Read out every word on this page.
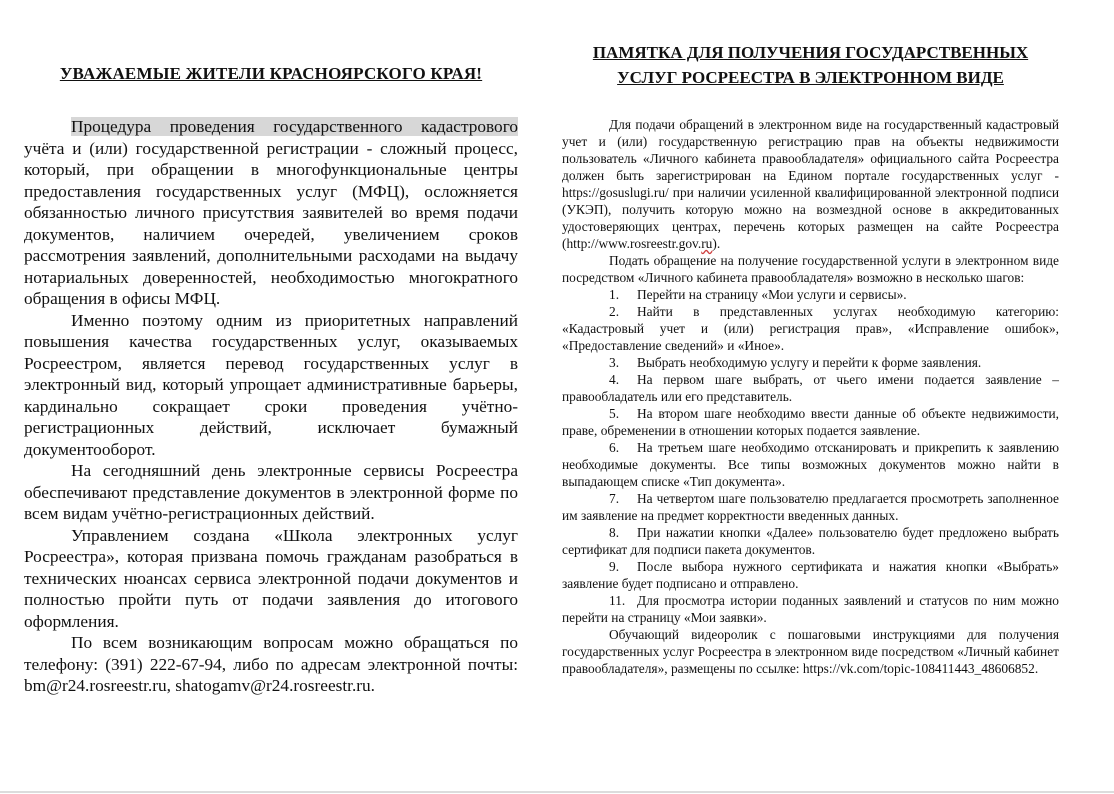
УВАЖАЕМЫЕ ЖИТЕЛИ КРАСНОЯРСКОГО КРАЯ!

Процедура проведения государственного кадастрового учёта и (или) государственной регистрации - сложный процесс, который, при обращении в многофункциональные центры предоставления государственных услуг (МФЦ), осложняется обязанностью личного присутствия заявителей во время подачи документов, наличием очередей, увеличением сроков рассмотрения заявлений, дополнительными расходами на выдачу нотариальных доверенностей, необходимостью многократного обращения в офисы МФЦ.

Именно поэтому одним из приоритетных направлений повышения качества государственных услуг, оказываемых Росреестром, является перевод государственных услуг в электронный вид, который упрощает административные барьеры, кардинально сокращает сроки проведения учётно-регистрационных действий, исключает бумажный документооборот.

На сегодняшний день электронные сервисы Росреестра обеспечивают представление документов в электронной форме по всем видам учётно-регистрационных действий.

Управлением создана «Школа электронных услуг Росреестра», которая призвана помочь гражданам разобраться в технических нюансах сервиса электронной подачи документов и полностью пройти путь от подачи заявления до итогового оформления.

По всем возникающим вопросам можно обращаться по телефону: (391) 222-67-94, либо по адресам электронной почты: bm@r24.rosreestr.ru, shatogamv@r24.rosreestr.ru.

ПАМЯТКА ДЛЯ ПОЛУЧЕНИЯ ГОСУДАРСТВЕННЫХ
УСЛУГ РОСРЕЕСТРА В ЭЛЕКТРОННОМ ВИДЕ

Для подачи обращений в электронном виде на государственный кадастровый учет и (или) государственную регистрацию прав на объекты недвижимости пользователь «Личного кабинета правообладателя» официального сайта Росреестра должен быть зарегистрирован на Едином портале государственных услуг - https://gosuslugi.ru/ при наличии усиленной квалифицированной электронной подписи (УКЭП), получить которую можно на возмездной основе в аккредитованных удостоверяющих центрах, перечень которых размещен на сайте Росреестра (http://www.rosreestr.gov.ru).

Подать обращение на получение государственной услуги в электронном виде посредством «Личного кабинета правообладателя» возможно в несколько шагов:

1. Перейти на страницу «Мои услуги и сервисы».
2. Найти в представленных услугах необходимую категорию: «Кадастровый учет и (или) регистрация прав», «Исправление ошибок», «Предоставление сведений» и «Иное».
3. Выбрать необходимую услугу и перейти к форме заявления.
4. На первом шаге выбрать, от чьего имени подается заявление – правообладатель или его представитель.
5. На втором шаге необходимо ввести данные об объекте недвижимости, праве, обременении в отношении которых подается заявление.
6. На третьем шаге необходимо отсканировать и прикрепить к заявлению необходимые документы. Все типы возможных документов можно найти в выпадающем списке «Тип документа».
7. На четвертом шаге пользователю предлагается просмотреть заполненное им заявление на предмет корректности введенных данных.
8. При нажатии кнопки «Далее» пользователю будет предложено выбрать сертификат для подписи пакета документов.
9. После выбора нужного сертификата и нажатия кнопки «Выбрать» заявление будет подписано и отправлено.
11. Для просмотра истории поданных заявлений и статусов по ним можно перейти на страницу «Мои заявки».

Обучающий видеоролик с пошаговыми инструкциями для получения государственных услуг Росреестра в электронном виде посредством «Личный кабинет правообладателя», размещены по ссылке: https://vk.com/topic-108411443_48606852.
